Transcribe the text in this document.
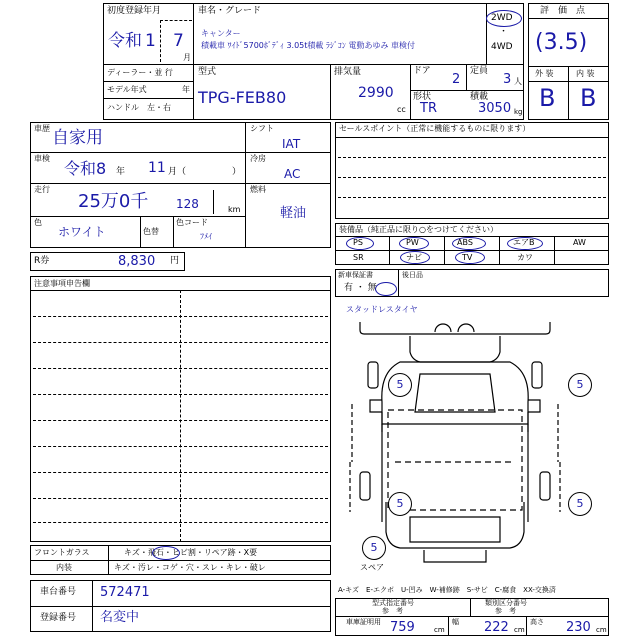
初度登録年月
令和 1 7
月
車名・グレード
キャンター
積載車 ﾜｲﾄﾞ5700ﾎﾞﾃﾞｨ 3.05t積載 ﾗｼﾞｺﾝ 電動あゆみ 車検付
2WD
・
4WD
ディーラー・並 行
モデル年式	年
ハンドル　左・右
型式
TPG-FEB80
排気量
2990
cc
ドア
2
定員
3 人
形状
TR
積載
3050 kg
評　価　点
(3.5)
外 装	内 装
B B
車歴 自家用
車検
令和8 年 11 月（	）
走行
25万0千 128	km
色
ホワイト	色替
色コード
ﾌﾒｲ
シフト
IAT
冷房
AC
燃料
軽油
R券	8,830 円
セールスポイント（正常に機能するものに限ります）
装備品（純正品に限り○をつけてください）
PS	PW	ABS	エアB	AW
SR	ナビ	TV	カワ
新車保証書
有 ・ 無
後日品
注意事項申告欄
スタッドレスタイヤ
5	5
5	5
5
スペア
フロントガラス	キズ・飛石・ヒビ割・リペア跡・X要
内装	キズ・汚レ・コゲ・穴・スレ・キレ・破レ
車台番号 572471
登録番号 名変中
A-キズ　E-エクボ　U-凹み　W-補修跡　S-サビ　C-腐食　XX-交換済
型式指定番号
参　考
類別区分番号
参　考
車庫証明用 759	cm
幅 222 cm
高さ 230 cm
